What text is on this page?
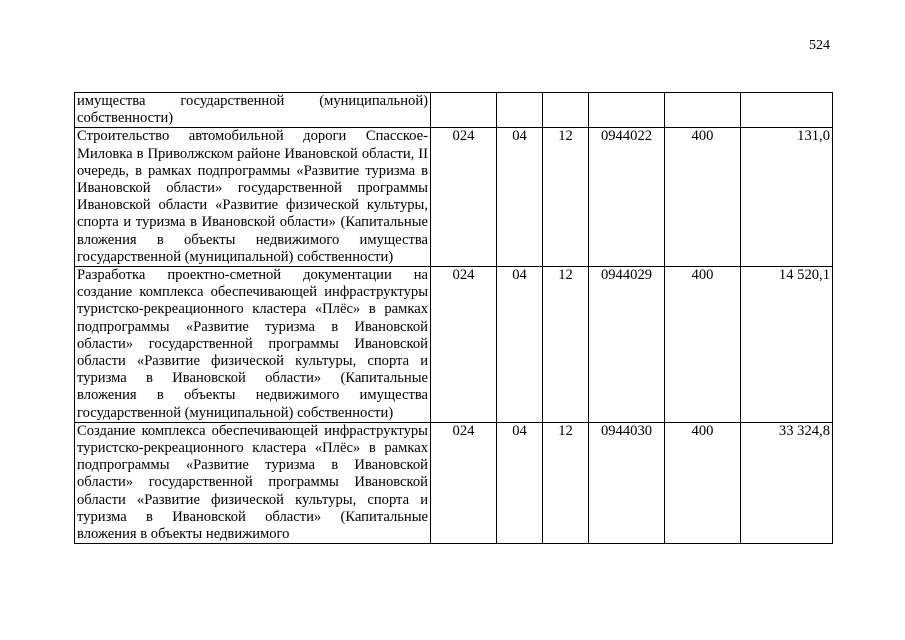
524
имущества государственной (муниципальной) собственности)						
Строительство автомобильной дороги Спасское-Миловка в Приволжском районе Ивановской области, II очередь, в рамках подпрограммы «Развитие туризма в Ивановской области» государственной программы Ивановской области «Развитие физической культуры, спорта и туризма в Ивановской области» (Капитальные вложения в объекты недвижимого имущества государственной (муниципальной) собственности)	024	04	12	0944022	400	131,0
Разработка проектно-сметной документации на создание комплекса обеспечивающей инфраструктуры туристско-рекреационного кластера «Плёс» в рамках подпрограммы «Развитие туризма в Ивановской области» государственной программы Ивановской области «Развитие физической культуры, спорта и туризма в Ивановской области» (Капитальные вложения в объекты недвижимого имущества государственной (муниципальной) собственности)	024	04	12	0944029	400	14 520,1
Создание комплекса обеспечивающей инфраструктуры туристско-рекреационного кластера «Плёс» в рамках подпрограммы «Развитие туризма в Ивановской области» государственной программы Ивановской области «Развитие физической культуры, спорта и туризма в Ивановской области» (Капитальные вложения в объекты недвижимого	024	04	12	0944030	400	33 324,8
